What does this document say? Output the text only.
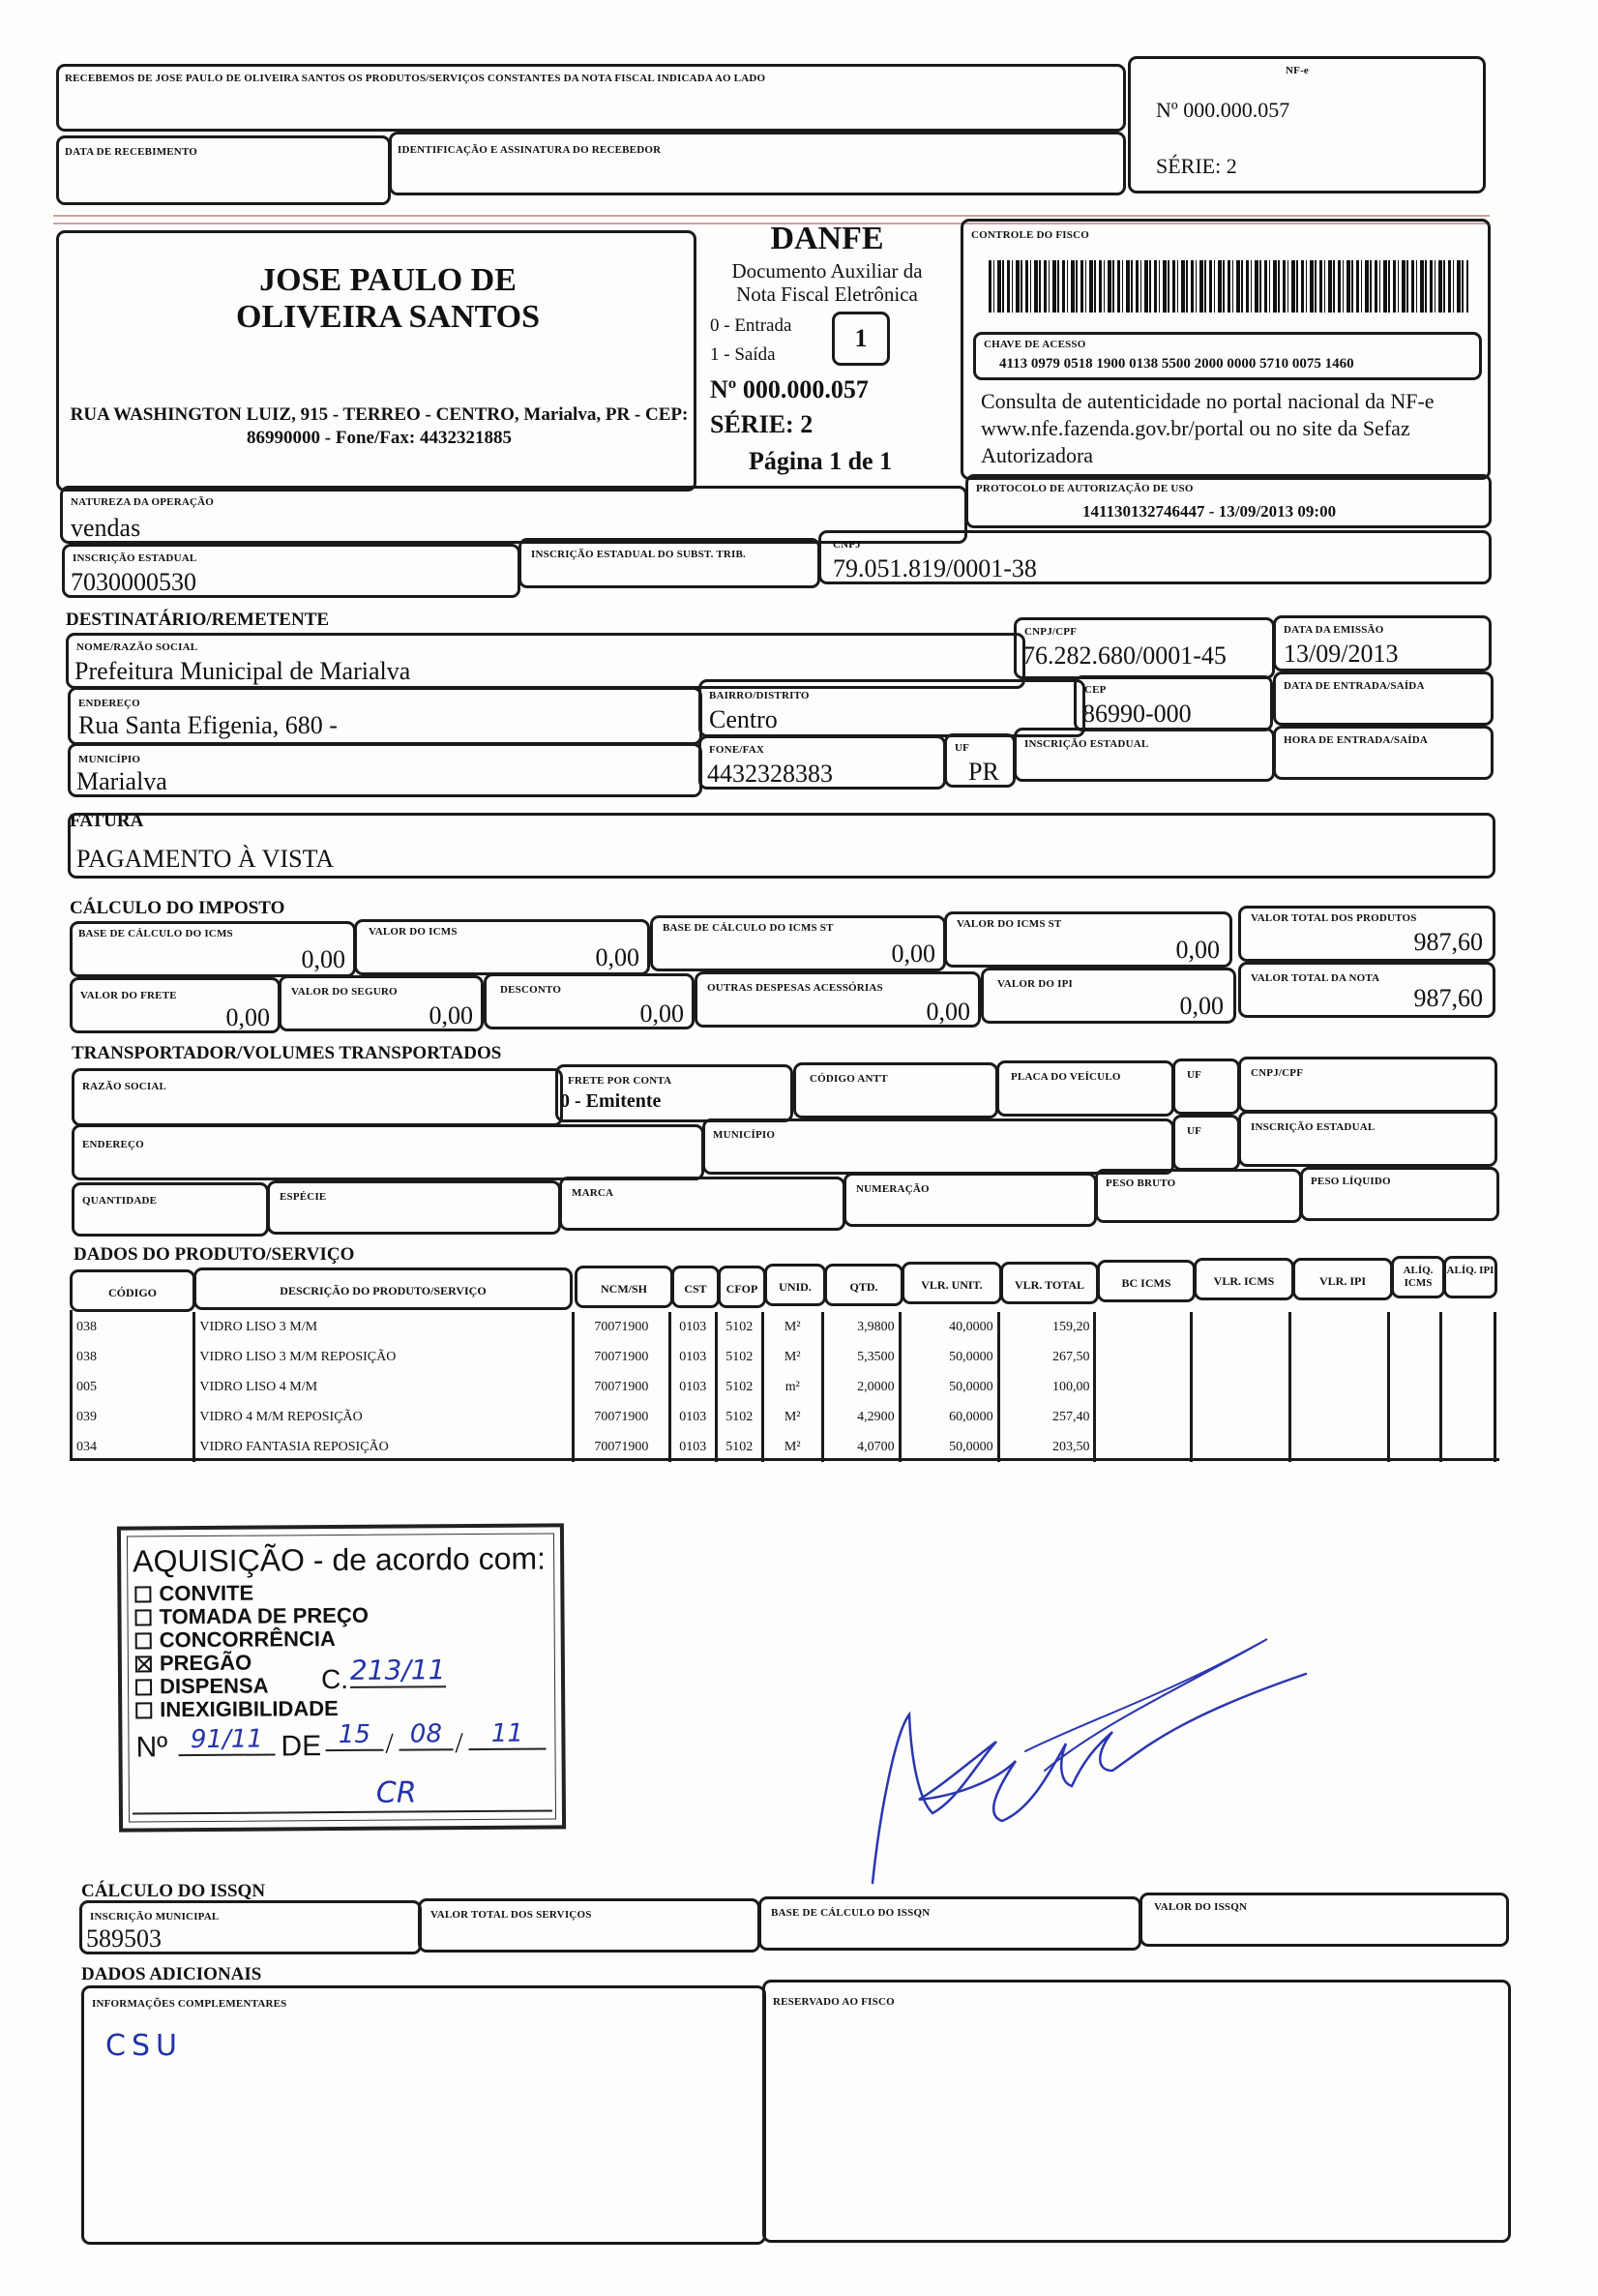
RECEBEMOS DE JOSE PAULO DE OLIVEIRA SANTOS OS PRODUTOS/SERVIÇOS CONSTANTES DA NOTA FISCAL INDICADA AO LADO
DATA DE RECEBIMENTO	IDENTIFICAÇÃO E ASSINATURA DO RECEBEDOR
NF-e
Nº 000.000.057
SÉRIE: 2
JOSE PAULO DE OLIVEIRA SANTOS
RUA WASHINGTON LUIZ, 915 - TERREO - CENTRO, Marialva, PR - CEP: 86990000 - Fone/Fax: 4432321885
DANFE
Documento Auxiliar da Nota Fiscal Eletrônica
0 - Entrada
1 - Saída
1
Nº 000.000.057
SÉRIE: 2
Página 1 de 1
CONTROLE DO FISCO
CHAVE DE ACESSO
4113 0979 0518 1900 0138 5500 2000 0000 5710 0075 1460
Consulta de autenticidade no portal nacional da NF-e www.nfe.fazenda.gov.br/portal ou no site da Sefaz Autorizadora
PROTOCOLO DE AUTORIZAÇÃO DE USO
141130132746447 - 13/09/2013 09:00
NATUREZA DA OPERAÇÃO
vendas
INSCRIÇÃO ESTADUAL
7030000530
INSCRIÇÃO ESTADUAL DO SUBST. TRIB.
CNPJ
79.051.819/0001-38
DESTINATÁRIO/REMETENTE
NOME/RAZÃO SOCIAL
Prefeitura Municipal de Marialva
CNPJ/CPF
76.282.680/0001-45
DATA DA EMISSÃO
13/09/2013
ENDEREÇO
Rua Santa Efigenia, 680 -
BAIRRO/DISTRITO
Centro
CEP
86990-000
DATA DE ENTRADA/SAÍDA
MUNICÍPIO
Marialva
FONE/FAX
4432328383
UF
PR
INSCRIÇÃO ESTADUAL	HORA DE ENTRADA/SAÍDA
FATURA
PAGAMENTO À VISTA
CÁLCULO DO IMPOSTO
BASE DE CÁLCULO DO ICMS
0,00
VALOR DO ICMS
0,00
BASE DE CÁLCULO DO ICMS ST
0,00
VALOR DO ICMS ST
0,00
VALOR TOTAL DOS PRODUTOS
987,60
VALOR DO FRETE
0,00
VALOR DO SEGURO
0,00
DESCONTO
0,00
OUTRAS DESPESAS ACESSÓRIAS
0,00
VALOR DO IPI
0,00
VALOR TOTAL DA NOTA
987,60
TRANSPORTADOR/VOLUMES TRANSPORTADOS
RAZÃO SOCIAL	FRETE POR CONTA
0 - Emitente
CÓDIGO ANTT	PLACA DO VEÍCULO	UF	CNPJ/CPF
ENDEREÇO
MUNICÍPIO	UF	INSCRIÇÃO ESTADUAL
QUANTIDADE	ESPÉCIE	MARCA	NUMERAÇÃO	PESO BRUTO	PESO LÍQUIDO
DADOS DO PRODUTO/SERVIÇO
CÓDIGO	DESCRIÇÃO DO PRODUTO/SERVIÇO	NCM/SH	CST	CFOP	UNID.	QTD.	VLR. UNIT.	VLR. TOTAL	BC ICMS	VLR. ICMS	VLR. IPI
ALÍQ. ICMS
ALÍQ. IPI
038	VIDRO LISO 3 M/M	70071900	0103	5102	M²	3,9800	40,0000	159,20					
038	VIDRO LISO 3 M/M REPOSIÇÃO	70071900	0103	5102	M²	5,3500	50,0000	267,50					
005	VIDRO LISO 4 M/M	70071900	0103	5102	m²	2,0000	50,0000	100,00					
039	VIDRO 4 M/M REPOSIÇÃO	70071900	0103	5102	M²	4,2900	60,0000	257,40					
034	VIDRO FANTASIA REPOSIÇÃO	70071900	0103	5102	M²	4,0700	50,0000	203,50					
AQUISIÇÃO - de acordo com:
CONVITE
TOMADA DE PREÇO
CONCORRÊNCIA
PREGÃO
DISPENSA
INEXIGIBILIDADE
C. 213/11
Nº 91/11 DE 15 / 08 /	11
CR
CÁLCULO DO ISSQN
INSCRIÇÃO MUNICIPAL
589503
VALOR TOTAL DOS SERVIÇOS	BASE DE CÁLCULO DO ISSQN	VALOR DO ISSQN
DADOS ADICIONAIS
INFORMAÇÕES COMPLEMENTARES
CSU
RESERVADO AO FISCO
